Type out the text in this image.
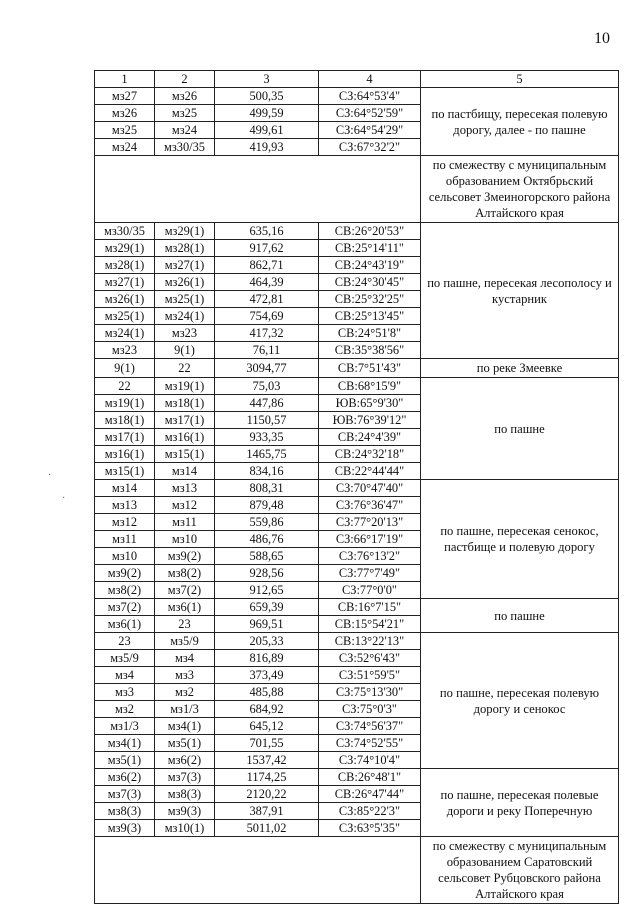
10
1	2	3	4	5
мз27	мз26	500,35	СЗ:64°53'4"	по пастбищу, пересекая полевую дорогу, далее - по пашне
мз26	мз25	499,59	СЗ:64°52'59"	
мз25	мз24	499,61	СЗ:64°54'29"	
мз24	мз30/35	419,93	СЗ:67°32'2"	
				по смежеству с муниципальным образованием Октябрьский сельсовет Змеиногорского района Алтайского края
мз30/35	мз29(1)	635,16	СВ:26°20'53"	по пашне, пересекая лесополосу и кустарник
мз29(1)	мз28(1)	917,62	СВ:25°14'11"	
мз28(1)	мз27(1)	862,71	СВ:24°43'19"	
мз27(1)	мз26(1)	464,39	СВ:24°30'45"	
мз26(1)	мз25(1)	472,81	СВ:25°32'25"	
мз25(1)	мз24(1)	754,69	СВ:25°13'45"	
мз24(1)	мз23	417,32	СВ:24°51'8"	
мз23	9(1)	76,11	СВ:35°38'56"	
9(1)	22	3094,77	СВ:7°51'43"	по реке Змеевке
22	мз19(1)	75,03	СВ:68°15'9"	по пашне
мз19(1)	мз18(1)	447,86	ЮВ:65°9'30"	
мз18(1)	мз17(1)	1150,57	ЮВ:76°39'12"	
мз17(1)	мз16(1)	933,35	СВ:24°4'39"	
мз16(1)	мз15(1)	1465,75	СВ:24°32'18"	
мз15(1)	мз14	834,16	СВ:22°44'44"	
мз14	мз13	808,31	СЗ:70°47'40"	по пашне, пересекая сенокос, пастбище и полевую дорогу
мз13	мз12	879,48	СЗ:76°36'47"	
мз12	мз11	559,86	СЗ:77°20'13"	
мз11	мз10	486,76	СЗ:66°17'19"	
мз10	мз9(2)	588,65	СЗ:76°13'2"	
мз9(2)	мз8(2)	928,56	СЗ:77°7'49"	
мз8(2)	мз7(2)	912,65	СЗ:77°0'0"	
мз7(2)	мз6(1)	659,39	СВ:16°7'15"	по пашне
мз6(1)	23	969,51	СВ:15°54'21"	
23	мз5/9	205,33	СВ:13°22'13"	по пашне, пересекая полевую дорогу и сенокос
мз5/9	мз4	816,89	СЗ:52°6'43"	
мз4	мз3	373,49	СЗ:51°59'5"	
мз3	мз2	485,88	СЗ:75°13'30"	
мз2	мз1/3	684,92	СЗ:75°0'3"	
мз1/3	мз4(1)	645,12	СЗ:74°56'37"	
мз4(1)	мз5(1)	701,55	СЗ:74°52'55"	
мз5(1)	мз6(2)	1537,42	СЗ:74°10'4"	
мз6(2)	мз7(3)	1174,25	СВ:26°48'1"	по пашне, пересекая полевые дороги и реку Поперечную
мз7(3)	мз8(3)	2120,22	СВ:26°47'44"	
мз8(3)	мз9(3)	387,91	СЗ:85°22'3"	
мз9(3)	мз10(1)	5011,02	СЗ:63°5'35"	
				по смежеству с муниципальным образованием Саратовский сельсовет Рубцовского района Алтайского края
·
·
